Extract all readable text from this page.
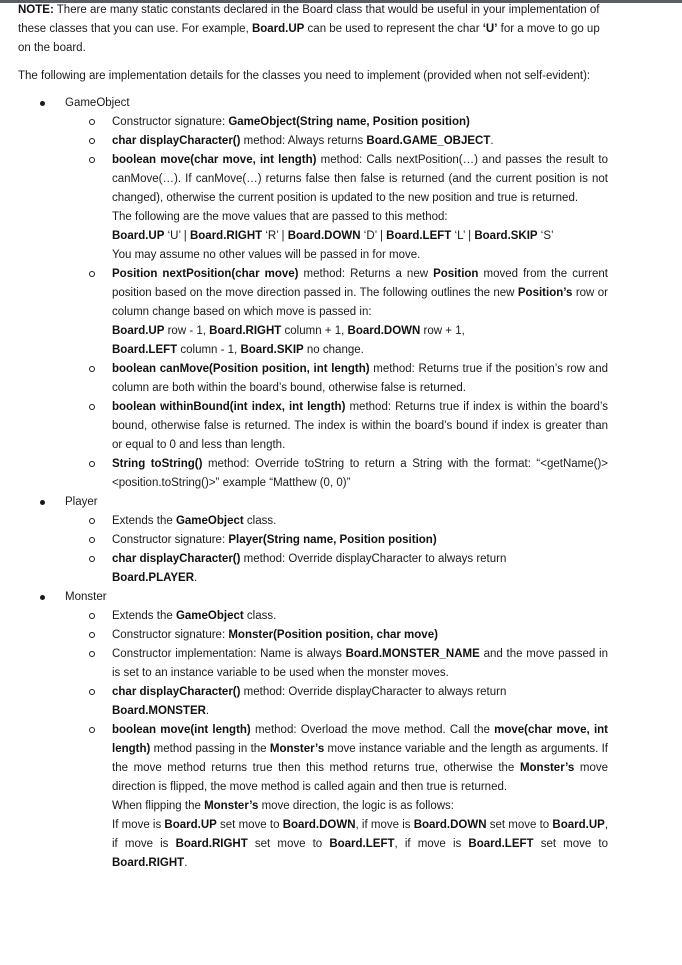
NOTE: There are many static constants declared in the Board class that would be useful in your implementation of these classes that you can use. For example, Board.UP can be used to represent the char ‘U’ for a move to go up on the board.

The following are implementation details for the classes you need to implement (provided when not self-evident):

GameObject
Constructor signature: GameObject(String name, Position position)
char displayCharacter() method: Always returns Board.GAME_OBJECT.
boolean move(char move, int length) method: Calls nextPosition(…) and passes the result to canMove(…). If canMove(…) returns false then false is returned (and the current position is not changed), otherwise the current position is updated to the new position and true is returned.
The following are the move values that are passed to this method:
Board.UP ‘U’ | Board.RIGHT ‘R’ | Board.DOWN ‘D’ | Board.LEFT ‘L’ | Board.SKIP ‘S’
You may assume no other values will be passed in for move.
Position nextPosition(char move) method: Returns a new Position moved from the current position based on the move direction passed in. The following outlines the new Position’s row or column change based on which move is passed in:
Board.UP row - 1, Board.RIGHT column + 1, Board.DOWN row + 1,
Board.LEFT column - 1, Board.SKIP no change.
boolean canMove(Position position, int length) method: Returns true if the position’s row and column are both within the board’s bound, otherwise false is returned.
boolean withinBound(int index, int length) method: Returns true if index is within the board’s bound, otherwise false is returned. The index is within the board’s bound if index is greater than or equal to 0 and less than length.
String toString() method: Override toString to return a String with the format: “<getName()> <position.toString()>” example “Matthew (0, 0)”
Player
Extends the GameObject class.
Constructor signature: Player(String name, Position position)
char displayCharacter() method: Override displayCharacter to always return
Board.PLAYER.
Monster
Extends the GameObject class.
Constructor signature: Monster(Position position, char move)
Constructor implementation: Name is always Board.MONSTER_NAME and the move passed in is set to an instance variable to be used when the monster moves.
char displayCharacter() method: Override displayCharacter to always return
Board.MONSTER.
boolean move(int length) method: Overload the move method. Call the move(char move, int length) method passing in the Monster’s move instance variable and the length as arguments. If the move method returns true then this method returns true, otherwise the Monster’s move direction is flipped, the move method is called again and then true is returned.
When flipping the Monster’s move direction, the logic is as follows:
If move is Board.UP set move to Board.DOWN, if move is Board.DOWN set move to Board.UP, if move is Board.RIGHT set move to Board.LEFT, if move is Board.LEFT set move to Board.RIGHT.
